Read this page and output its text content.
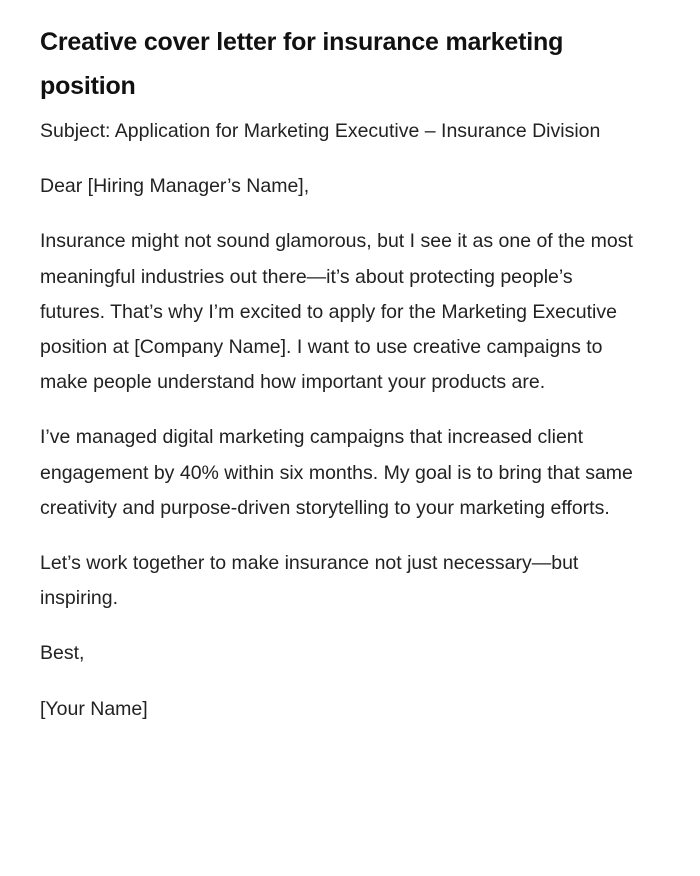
Creative cover letter for insurance marketing position

Subject: Application for Marketing Executive – Insurance Division

Dear [Hiring Manager’s Name],

Insurance might not sound glamorous, but I see it as one of the most meaningful industries out there—it’s about protecting people’s futures. That’s why I’m excited to apply for the Marketing Executive position at [Company Name]. I want to use creative campaigns to make people understand how important your products are.

I’ve managed digital marketing campaigns that increased client engagement by 40% within six months. My goal is to bring that same creativity and purpose-driven storytelling to your marketing efforts.

Let’s work together to make insurance not just necessary—but inspiring.

Best,

[Your Name]
